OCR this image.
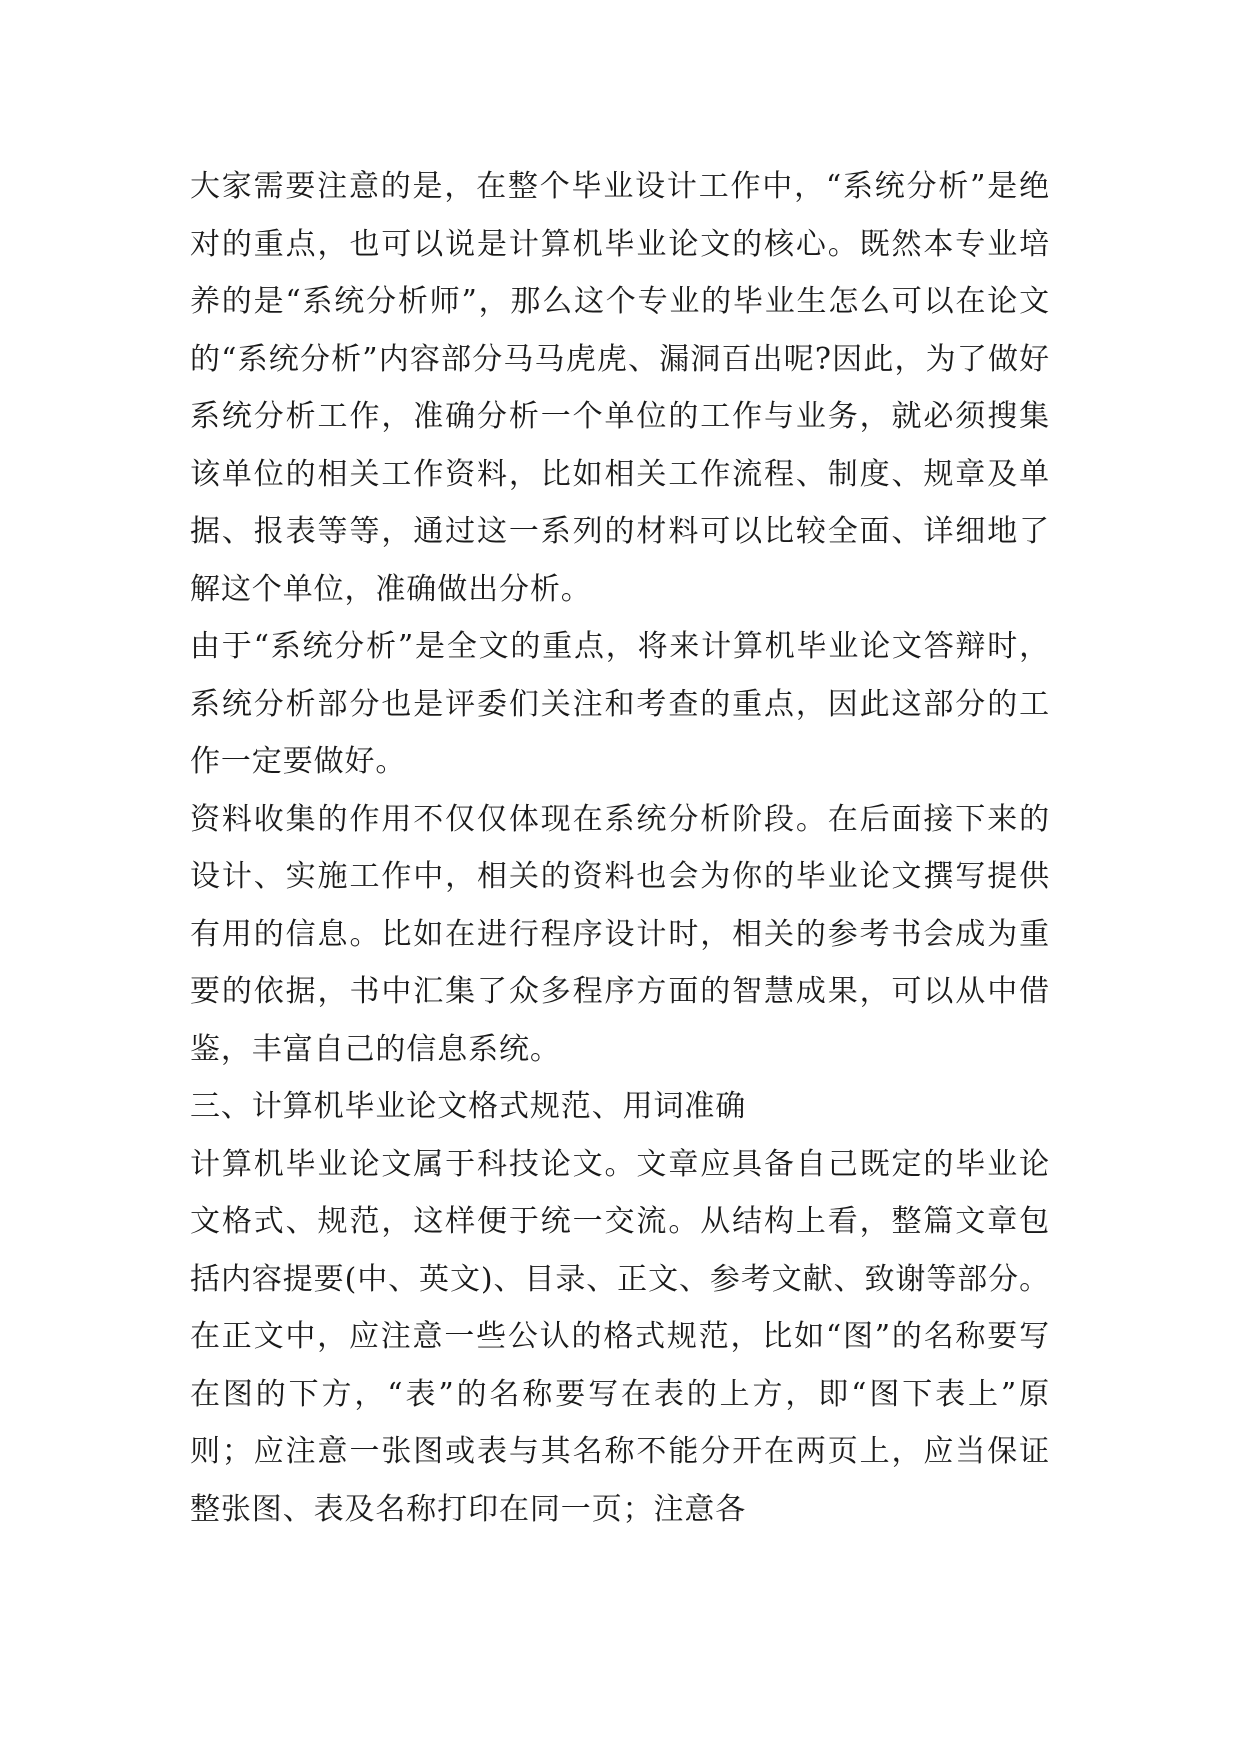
大家需要注意的是，在整个毕业设计工作中，“系统分析”是绝对的重点，也可以说是计算机毕业论文的核心。既然本专业培养的是“系统分析师”，那么这个专业的毕业生怎么可以在论文的“系统分析”内容部分马马虎虎、漏洞百出呢?因此，为了做好系统分析工作，准确分析一个单位的工作与业务，就必须搜集该单位的相关工作资料，比如相关工作流程、制度、规章及单据、报表等等，通过这一系列的材料可以比较全面、详细地了解这个单位，准确做出分析。

由于“系统分析”是全文的重点，将来计算机毕业论文答辩时，系统分析部分也是评委们关注和考查的重点，因此这部分的工作一定要做好。

资料收集的作用不仅仅体现在系统分析阶段。在后面接下来的设计、实施工作中，相关的资料也会为你的毕业论文撰写提供有用的信息。比如在进行程序设计时，相关的参考书会成为重要的依据，书中汇集了众多程序方面的智慧成果，可以从中借鉴，丰富自己的信息系统。

三、计算机毕业论文格式规范、用词准确

计算机毕业论文属于科技论文。文章应具备自己既定的毕业论文格式、规范，这样便于统一交流。从结构上看，整篇文章包括内容提要(中、英文)、目录、正文、参考文献、致谢等部分。在正文中，应注意一些公认的格式规范，比如“图”的名称要写在图的下方，“表”的名称要写在表的上方，即“图下表上”原则；应注意一张图或表与其名称不能分开在两页上，应当保证整张图、表及名称打印在同一页；注意各
